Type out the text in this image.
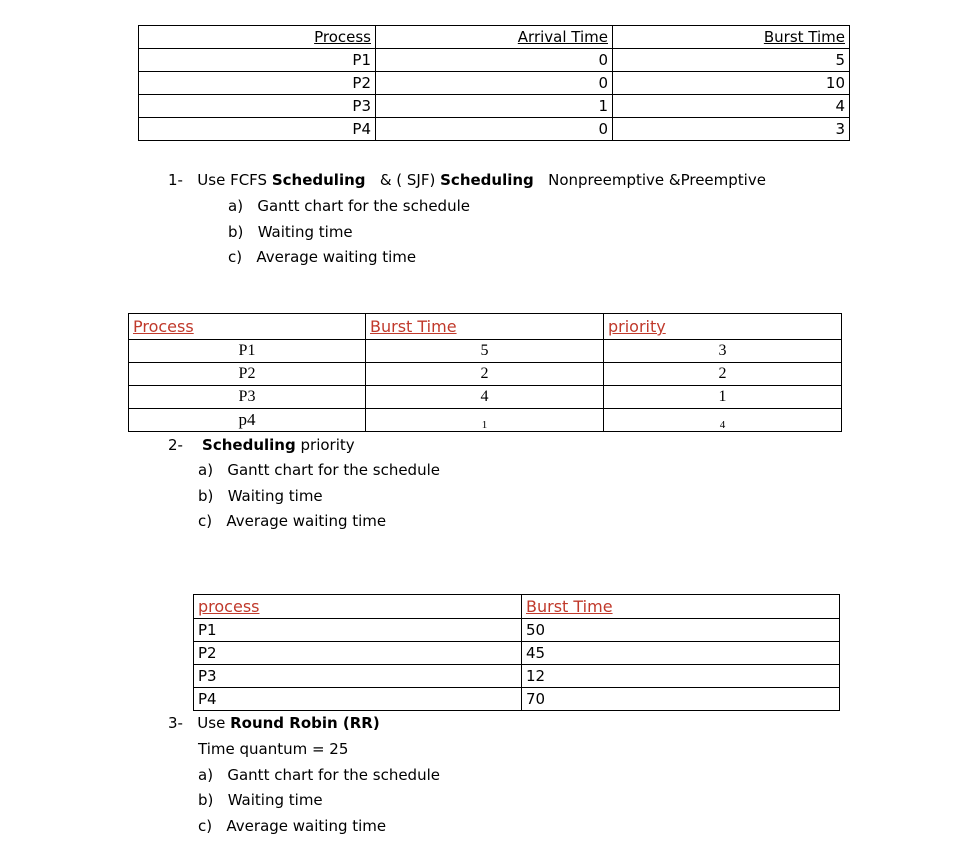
Process	Arrival Time	Burst Time
P1	0	5
P2	0	10
P3	1	4
P4	0	3
1- Use FCFS Scheduling & ( SJF) Scheduling Nonpreemptive &Preemptive
a) Gantt chart for the schedule
b) Waiting time
c) Average waiting time
Process	Burst Time	priority
P1	5	3
P2	2	2
P3	4	1
p4	1	4
2- Scheduling priority
a) Gantt chart for the schedule
b) Waiting time
c) Average waiting time
process	Burst Time
P1	50
P2	45
P3	12
P4	70
3- Use Round Robin (RR)
Time quantum = 25
a) Gantt chart for the schedule
b) Waiting time
c) Average waiting time
